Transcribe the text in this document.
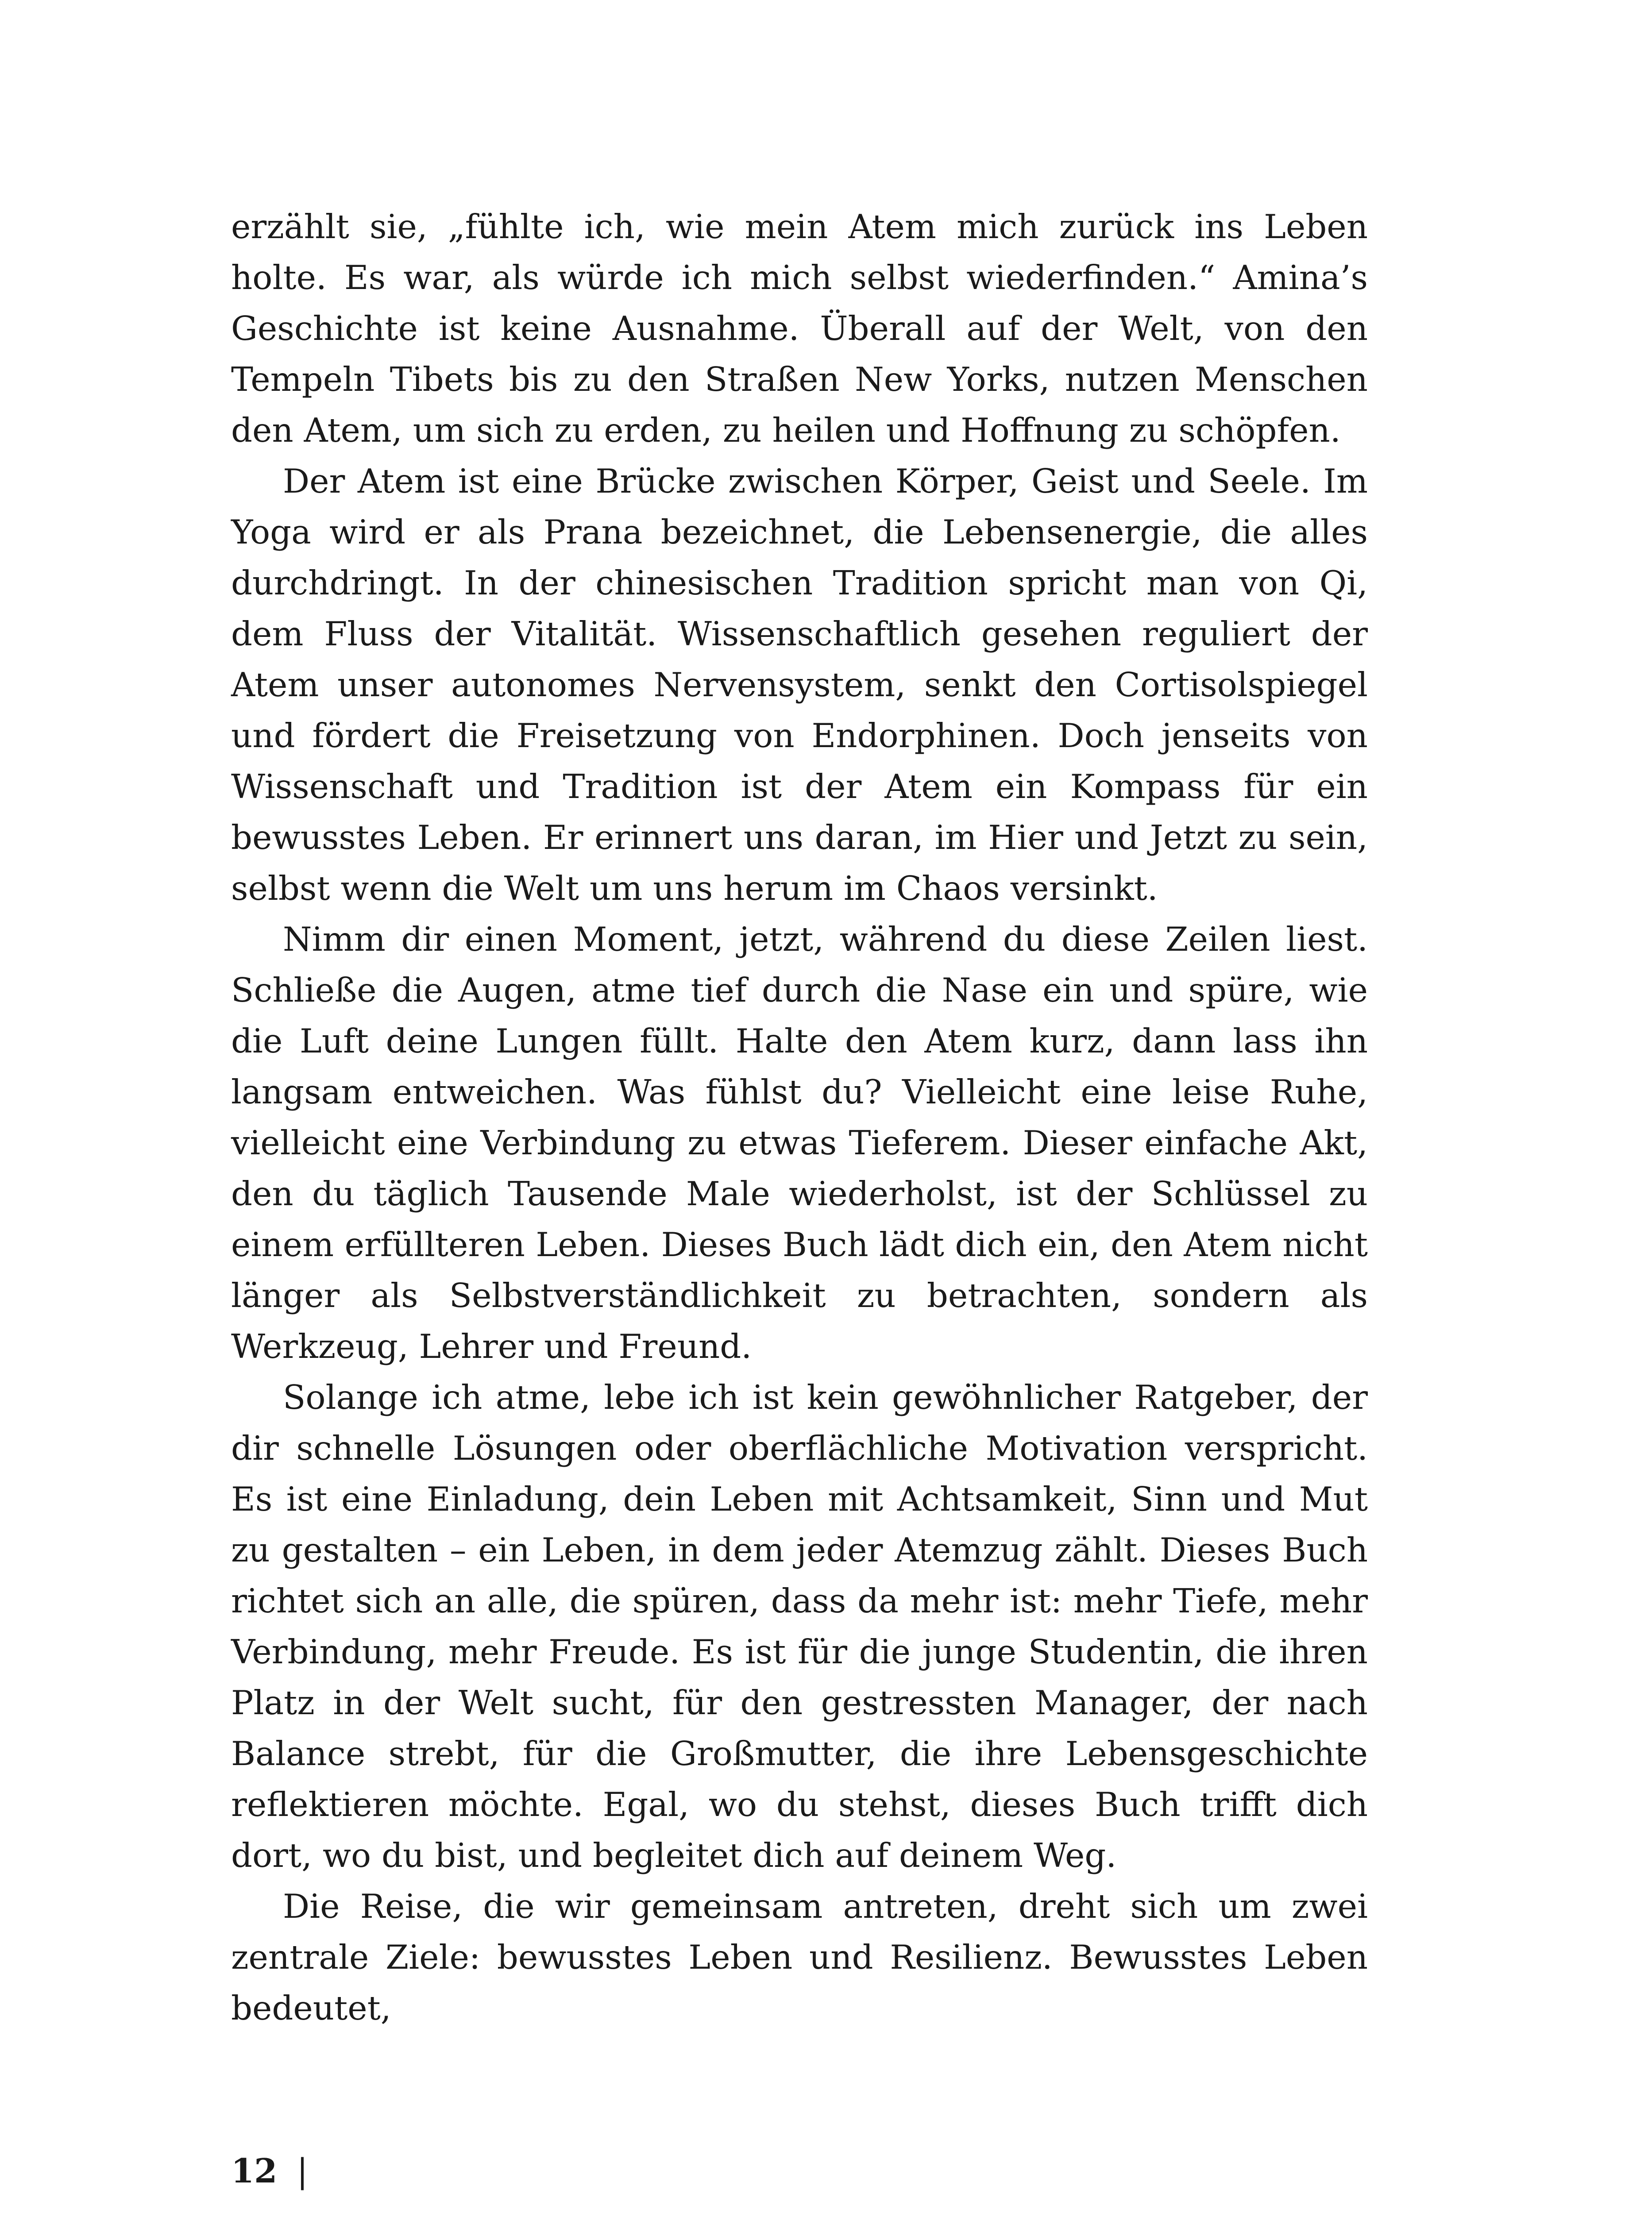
erzählt sie, „fühlte ich, wie mein Atem mich zurück ins Leben holte. Es war, als würde ich mich selbst wiederfinden.“ Amina’s Geschichte ist keine Ausnahme. Überall auf der Welt, von den Tempeln Tibets bis zu den Straßen New Yorks, nutzen Menschen den Atem, um sich zu erden, zu heilen und Hoffnung zu schöpfen.

Der Atem ist eine Brücke zwischen Körper, Geist und Seele. Im Yoga wird er als Prana bezeichnet, die Lebensenergie, die alles durchdringt. In der chinesischen Tradition spricht man von Qi, dem Fluss der Vitalität. Wissenschaftlich gesehen reguliert der Atem unser autonomes Nervensystem, senkt den Cortisolspiegel und fördert die Freisetzung von Endorphinen. Doch jenseits von Wissenschaft und Tradition ist der Atem ein Kompass für ein bewusstes Leben. Er erinnert uns daran, im Hier und Jetzt zu sein, selbst wenn die Welt um uns herum im Chaos versinkt.

Nimm dir einen Moment, jetzt, während du diese Zeilen liest. Schließe die Augen, atme tief durch die Nase ein und spüre, wie die Luft deine Lungen füllt. Halte den Atem kurz, dann lass ihn langsam entweichen. Was fühlst du? Vielleicht eine leise Ruhe, vielleicht eine Verbindung zu etwas Tieferem. Dieser einfache Akt, den du täglich Tausende Male wiederholst, ist der Schlüssel zu einem erfüllteren Leben. Dieses Buch lädt dich ein, den Atem nicht länger als Selbstverständlichkeit zu betrachten, sondern als Werkzeug, Lehrer und Freund.

Solange ich atme, lebe ich ist kein gewöhnlicher Ratgeber, der dir schnelle Lösungen oder oberflächliche Motivation verspricht. Es ist eine Einladung, dein Leben mit Achtsamkeit, Sinn und Mut zu gestalten – ein Leben, in dem jeder Atemzug zählt. Dieses Buch richtet sich an alle, die spüren, dass da mehr ist: mehr Tiefe, mehr Verbindung, mehr Freude. Es ist für die junge Studentin, die ihren Platz in der Welt sucht, für den gestressten Manager, der nach Balance strebt, für die Großmutter, die ihre Lebensgeschichte reflektieren möchte. Egal, wo du stehst, dieses Buch trifft dich dort, wo du bist, und begleitet dich auf deinem Weg.

Die Reise, die wir gemeinsam antreten, dreht sich um zwei zentrale Ziele: bewusstes Leben und Resilienz. Bewusstes Leben bedeutet,

12 |
